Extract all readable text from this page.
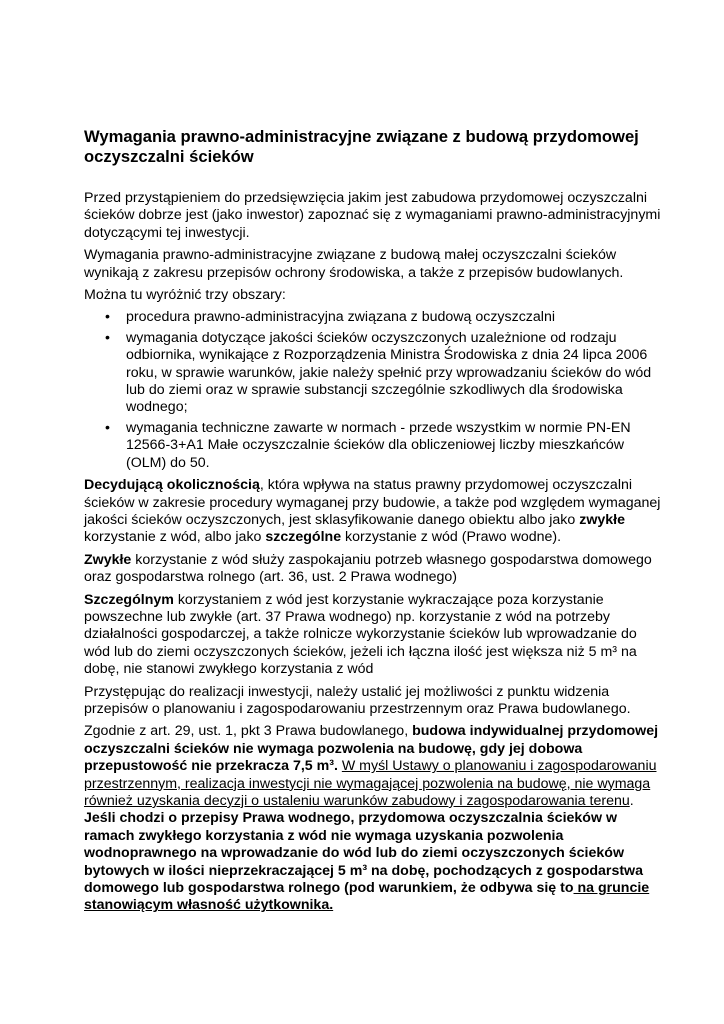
Wymagania prawno-administracyjne związane z budową przydomowej oczyszczalni ścieków

Przed przystąpieniem do przedsięwzięcia jakim jest zabudowa przydomowej oczyszczalni ścieków dobrze jest (jako inwestor) zapoznać się z wymaganiami prawno-administracyjnymi dotyczącymi tej inwestycji.

Wymagania prawno-administracyjne związane z budową małej oczyszczalni ścieków wynikają z zakresu przepisów ochrony środowiska, a także z przepisów budowlanych.

Można tu wyróżnić trzy obszary:

• procedura prawno-administracyjna związana z budową oczyszczalni
• wymagania dotyczące jakości ścieków oczyszczonych uzależnione od rodzaju odbiornika, wynikające z Rozporządzenia Ministra Środowiska z dnia 24 lipca 2006 roku, w sprawie warunków, jakie należy spełnić przy wprowadzaniu ścieków do wód lub do ziemi oraz w sprawie substancji szczególnie szkodliwych dla środowiska wodnego;
• wymagania techniczne zawarte w normach - przede wszystkim w normie PN-EN 12566-3+A1 Małe oczyszczalnie ścieków dla obliczeniowej liczby mieszkańców (OLM) do 50.

Decydującą okolicznością, która wpływa na status prawny przydomowej oczyszczalni ścieków w zakresie procedury wymaganej przy budowie, a także pod względem wymaganej jakości ścieków oczyszczonych, jest sklasyfikowanie danego obiektu albo jako zwykłe korzystanie z wód, albo jako szczególne korzystanie z wód (Prawo wodne).

Zwykłe korzystanie z wód służy zaspokajaniu potrzeb własnego gospodarstwa domowego oraz gospodarstwa rolnego (art. 36, ust. 2 Prawa wodnego)

Szczególnym korzystaniem z wód jest korzystanie wykraczające poza korzystanie powszechne lub zwykłe (art. 37 Prawa wodnego) np. korzystanie z wód na potrzeby działalności gospodarczej, a także rolnicze wykorzystanie ścieków lub wprowadzanie do wód lub do ziemi oczyszczonych ścieków, jeżeli ich łączna ilość jest większa niż 5 m³ na dobę, nie stanowi zwykłego korzystania z wód

Przystępując do realizacji inwestycji, należy ustalić jej możliwości z punktu widzenia przepisów o planowaniu i zagospodarowaniu przestrzennym oraz Prawa budowlanego.

Zgodnie z art. 29, ust. 1, pkt 3 Prawa budowlanego, budowa indywidualnej przydomowej oczyszczalni ścieków nie wymaga pozwolenia na budowę, gdy jej dobowa przepustowość nie przekracza 7,5 m³. W myśl Ustawy o planowaniu i zagospodarowaniu przestrzennym, realizacja inwestycji nie wymagającej pozwolenia na budowę, nie wymaga również uzyskania decyzji o ustaleniu warunków zabudowy i zagospodarowania terenu. Jeśli chodzi o przepisy Prawa wodnego, przydomowa oczyszczalnia ścieków w ramach zwykłego korzystania z wód nie wymaga uzyskania pozwolenia wodnoprawnego na wprowadzanie do wód lub do ziemi oczyszczonych ścieków bytowych w ilości nieprzekraczającej 5 m³ na dobę, pochodzących z gospodarstwa domowego lub gospodarstwa rolnego (pod warunkiem, że odbywa się to na gruncie stanowiącym własność użytkownika.
